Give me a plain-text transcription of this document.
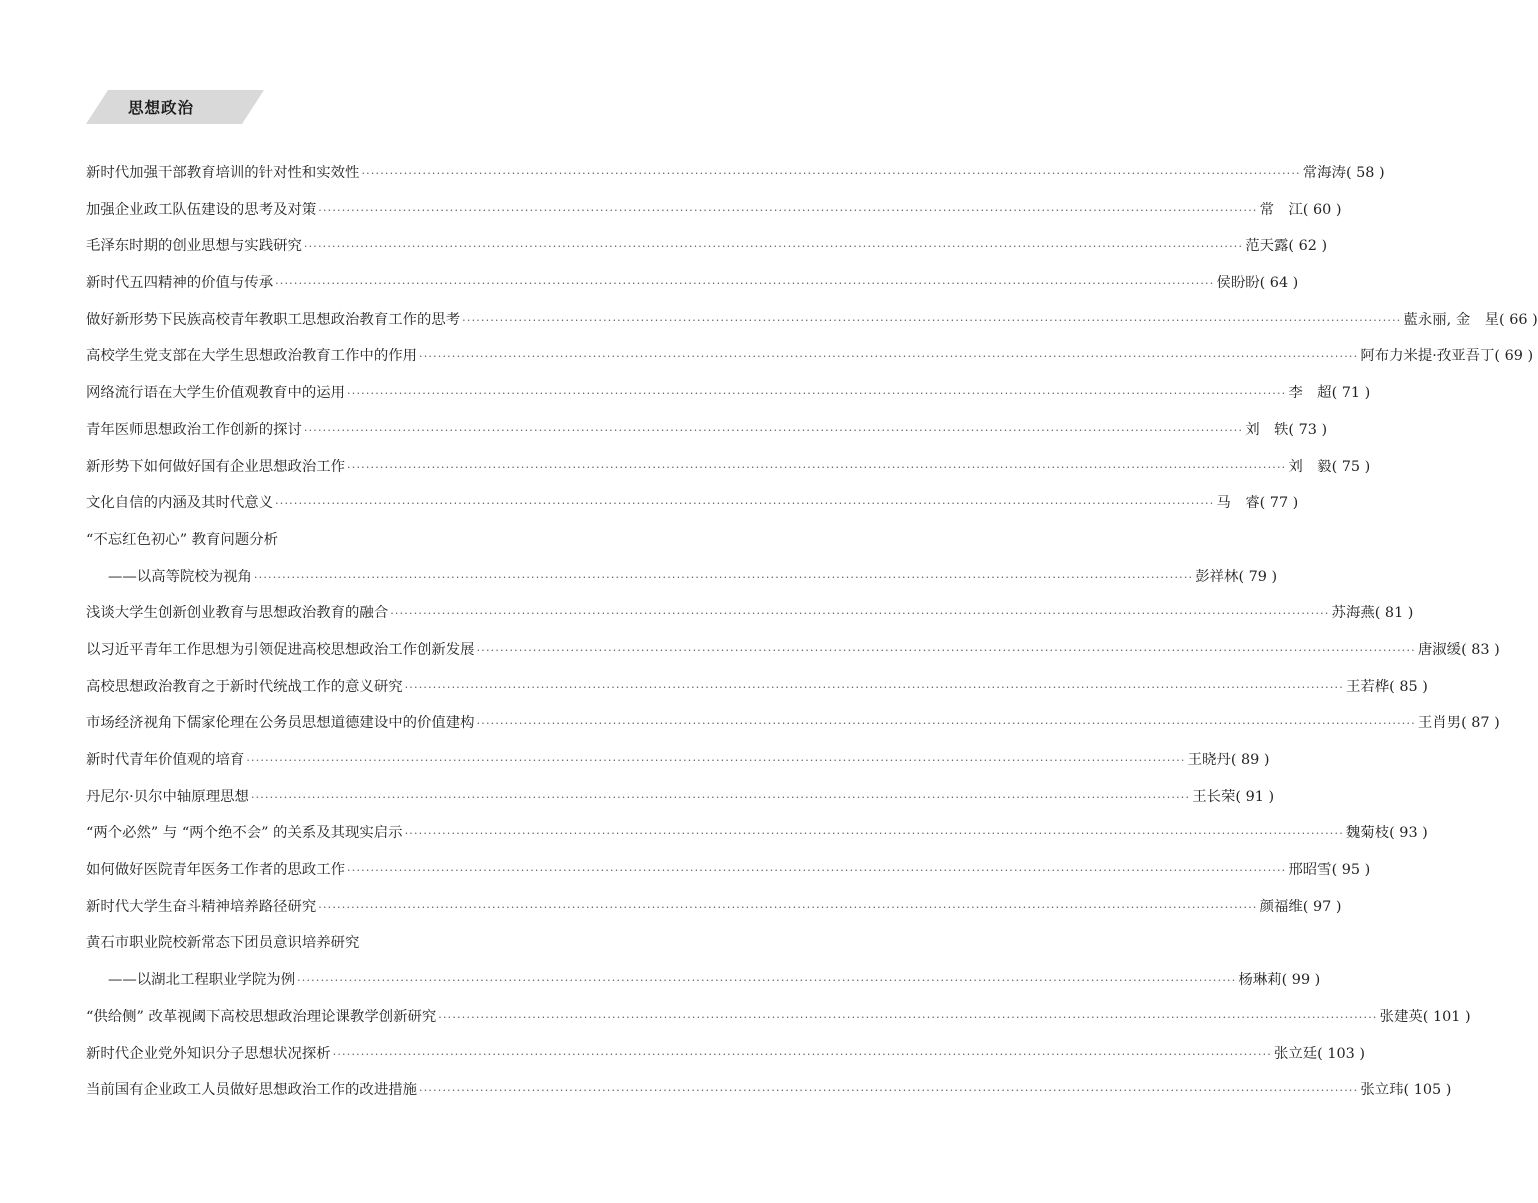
思想政治
新时代加强干部教育培训的针对性和实效性 ········································································································································································································ 常海涛 ( 58 )
加强企业政工队伍建设的思考及对策 ········································································································································································································ 常　江 ( 60 )
毛泽东时期的创业思想与实践研究 ········································································································································································································ 范天露 ( 62 )
新时代五四精神的价值与传承 ········································································································································································································ 侯盼盼 ( 64 )
做好新形势下民族高校青年教职工思想政治教育工作的思考 ········································································································································································································ 藍永丽, 金　星 ( 66 )
高校学生党支部在大学生思想政治教育工作中的作用 ········································································································································································································ 阿布力米提·孜亚吾丁 ( 69 )
网络流行语在大学生价值观教育中的运用 ········································································································································································································ 李　超 ( 71 )
青年医师思想政治工作创新的探讨 ········································································································································································································ 刘　轶 ( 73 )
新形势下如何做好国有企业思想政治工作 ········································································································································································································ 刘　毅 ( 75 )
文化自信的内涵及其时代意义 ········································································································································································································ 马　睿 ( 77 )
“不忘红色初心” 教育问题分析
——以高等院校为视角 ········································································································································································································ 彭祥林 ( 79 )
浅谈大学生创新创业教育与思想政治教育的融合 ········································································································································································································ 苏海燕 ( 81 )
以习近平青年工作思想为引领促进高校思想政治工作创新发展 ········································································································································································································ 唐淑缓 ( 83 )
高校思想政治教育之于新时代统战工作的意义研究 ········································································································································································································ 王若桦 ( 85 )
市场经济视角下儒家伦理在公务员思想道德建设中的价值建构 ········································································································································································································ 王肖男 ( 87 )
新时代青年价值观的培育 ········································································································································································································ 王晓丹 ( 89 )
丹尼尔·贝尔中轴原理思想 ········································································································································································································ 王长荣 ( 91 )
“两个必然” 与 “两个绝不会” 的关系及其现实启示 ········································································································································································································ 魏菊枝 ( 93 )
如何做好医院青年医务工作者的思政工作 ········································································································································································································ 邢昭雪 ( 95 )
新时代大学生奋斗精神培养路径研究 ········································································································································································································ 颜福维 ( 97 )
黄石市职业院校新常态下团员意识培养研究
——以湖北工程职业学院为例 ········································································································································································································ 杨琳莉 ( 99 )
“供给侧” 改革视阈下高校思想政治理论课教学创新研究 ········································································································································································································ 张建英 ( 101 )
新时代企业党外知识分子思想状况探析 ········································································································································································································ 张立廷 ( 103 )
当前国有企业政工人员做好思想政治工作的改进措施 ········································································································································································································ 张立玮 ( 105 )
